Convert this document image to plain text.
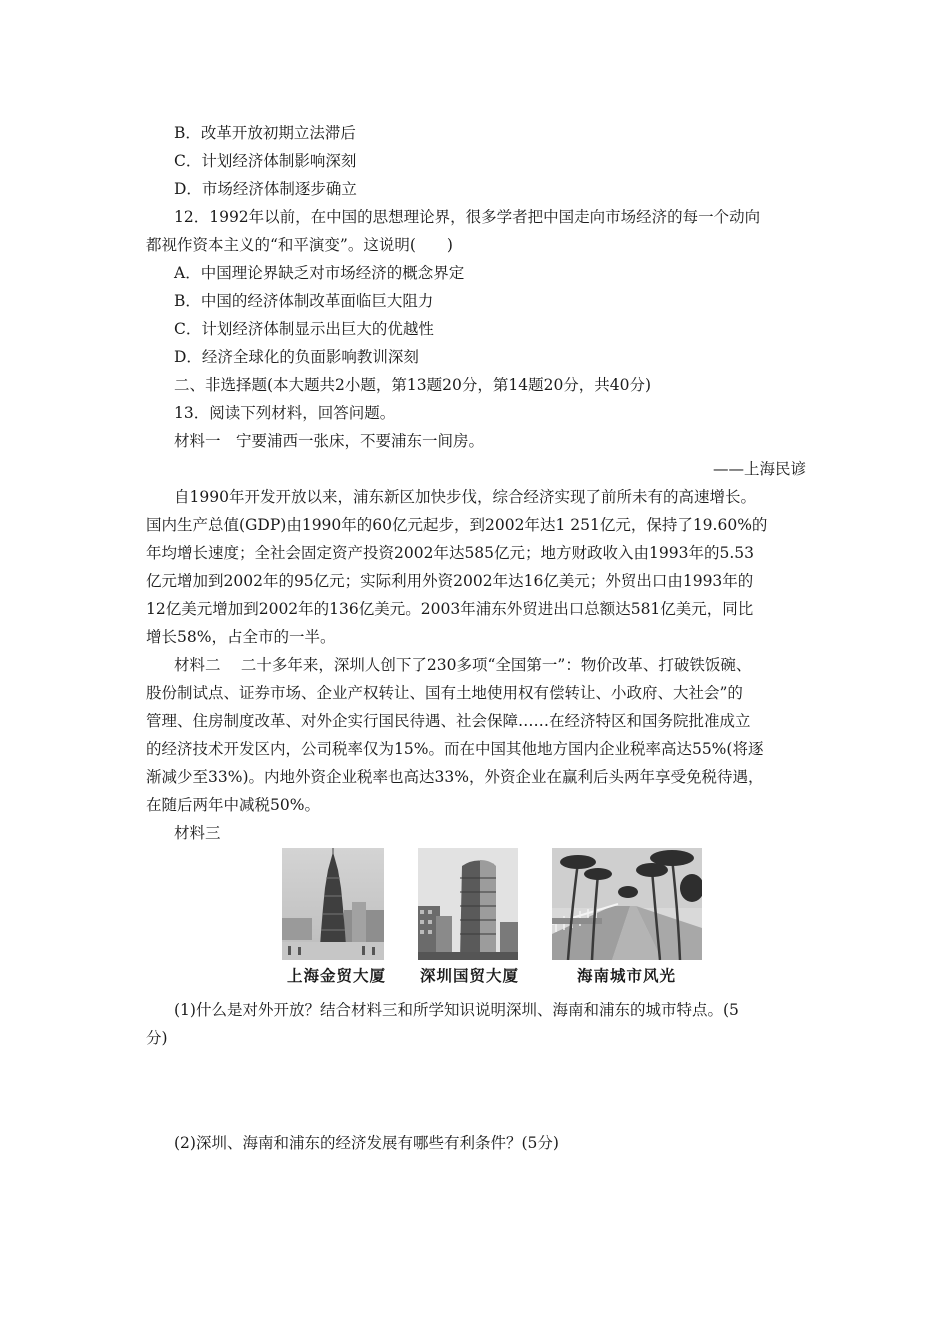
B．改革开放初期立法滞后
C．计划经济体制影响深刻
D．市场经济体制逐步确立
12．1992年以前，在中国的思想理论界，很多学者把中国走向市场经济的每一个动向
都视作资本主义的“和平演变”。这说明(　　)
A．中国理论界缺乏对市场经济的概念界定
B．中国的经济体制改革面临巨大阻力
C．计划经济体制显示出巨大的优越性
D．经济全球化的负面影响教训深刻
二、非选择题(本大题共2小题，第13题20分，第14题20分，共40分)
13．阅读下列材料，回答问题。
材料一　宁要浦西一张床，不要浦东一间房。
——上海民谚
自1990年开发开放以来，浦东新区加快步伐，综合经济实现了前所未有的高速增长。
国内生产总值(GDP)由1990年的60亿元起步，到2002年达1 251亿元，保持了19.60%的
年均增长速度；全社会固定资产投资2002年达585亿元；地方财政收入由1993年的5.53
亿元增加到2002年的95亿元；实际利用外资2002年达16亿美元；外贸出口由1993年的
12亿美元增加到2002年的136亿美元。2003年浦东外贸进出口总额达581亿美元，同比
增长58%，占全市的一半。
材料二　 二十多年来，深圳人创下了230多项“全国第一”：物价改革、打破铁饭碗、
股份制试点、证券市场、企业产权转让、国有土地使用权有偿转让、小政府、大社会”的
管理、住房制度改革、对外企实行国民待遇、社会保障……在经济特区和国务院批准成立
的经济技术开发区内，公司税率仅为15%。而在中国其他地方国内企业税率高达55%(将逐
渐减少至33%)。内地外资企业税率也高达33%，外资企业在赢利后头两年享受免税待遇，
在随后两年中减税50%。
材料三
上海金贸大厦 深圳国贸大厦	海南城市风光
(1)什么是对外开放？结合材料三和所学知识说明深圳、海南和浦东的城市特点。(5
分)
(2)深圳、海南和浦东的经济发展有哪些有利条件？(5分)
